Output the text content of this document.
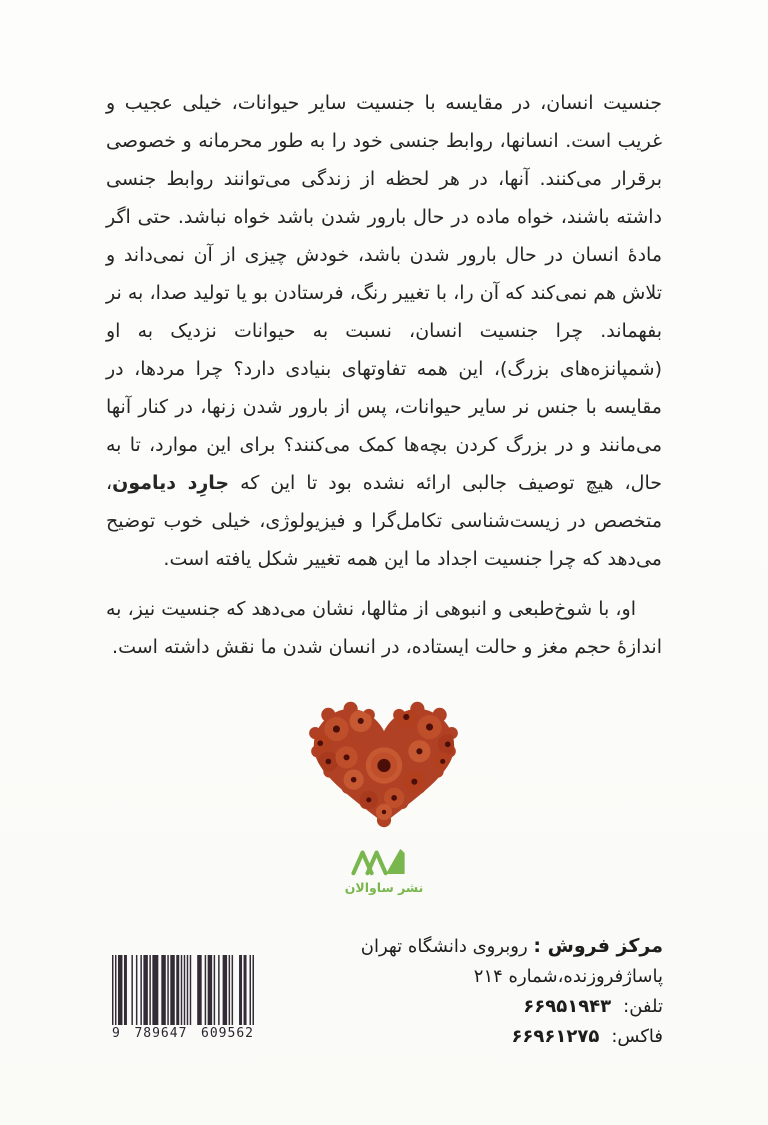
جنسیت انسان، در مقایسه با جنسیت سایر حیوانات، خیلی عجیب و غریب است. انسانها، روابط جنسی خود را به طور محرمانه و خصوصی برقرار می‌کنند. آنها، در هر لحظه از زندگی می‌توانند روابط جنسی داشته باشند، خواه ماده در حال بارور شدن باشد خواه نباشد. حتی اگر مادهٔ انسان در حال بارور شدن باشد، خودش چیزی از آن نمی‌داند و تلاش هم نمی‌کند که آن را، با تغییر رنگ، فرستادن بو یا تولید صدا، به نر بفهماند. چرا جنسیت انسان، نسبت به حیوانات نزدیک به او (شمپانزه‌های بزرگ)، این همه تفاوتهای بنیادی دارد؟ چرا مردها، در مقایسه با جنس نر سایر حیوانات، پس از بارور شدن زنها، در کنار آنها می‌مانند و در بزرگ کردن بچه‌ها کمک می‌کنند؟ برای این موارد، تا به حال، هیچ توصیف جالبی ارائه نشده بود تا این که جارِد دیامون، متخصص در زیست‌شناسی تکامل‌گرا و فیزیولوژی، خیلی خوب توضیح می‌دهد که چرا جنسیت اجداد ما این همه تغییر شکل یافته است.

او، با شوخ‌طبعی و انبوهی از مثالها، نشان می‌دهد که جنسیت نیز، به اندازهٔ حجم مغز و حالت ایستاده، در انسان شدن ما نقش داشته است.

نشر ساوالان
مرکز فروش : روبروی دانشگاه تهران
پاساژفروزنده،شماره ۲۱۴
تلفن:۶۶۹۵۱۹۴۳
فاکس:۶۶۹۶۱۲۷۵
9 789647 609562
